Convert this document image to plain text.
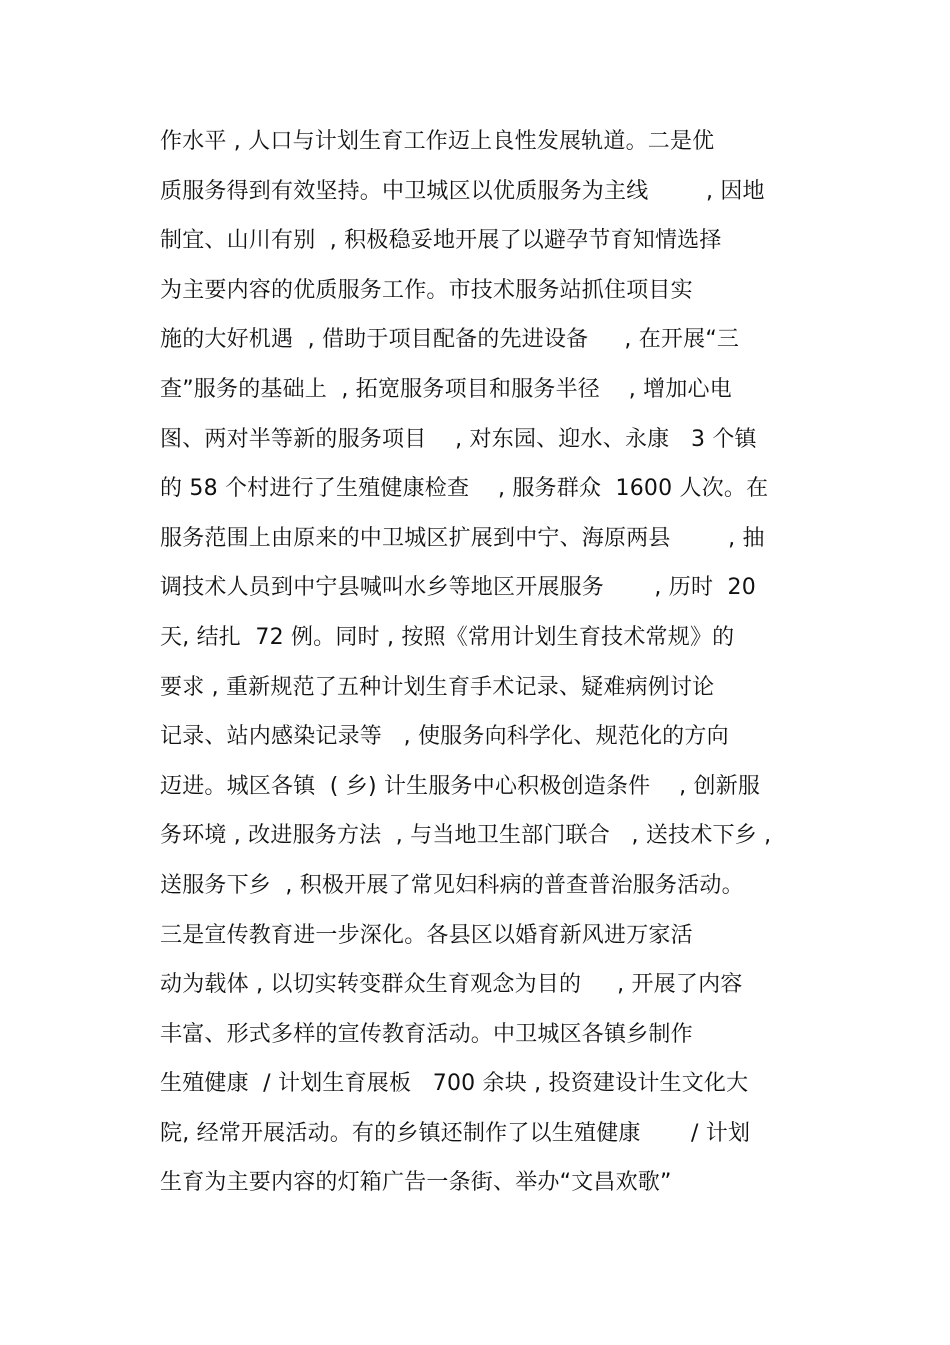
作水平 , 人口与计划生育工作迈上良性发展轨道。二是优
质服务得到有效坚持。中卫城区以优质服务为主线        , 因地
制宜、山川有别  , 积极稳妥地开展了以避孕节育知情选择
为主要内容的优质服务工作。市技术服务站抓住项目实
施的大好机遇  , 借助于项目配备的先进设备     , 在开展“三
查”服务的基础上  , 拓宽服务项目和服务半径    , 增加心电
图、两对半等新的服务项目    , 对东园、迎水、永康   3 个镇
的 58 个村进行了生殖健康检查    , 服务群众  1600 人次。在
服务范围上由原来的中卫城区扩展到中宁、海原两县        , 抽
调技术人员到中宁县喊叫水乡等地区开展服务       , 历时  20
天, 结扎  72 例。同时 , 按照《常用计划生育技术常规》的
要求 , 重新规范了五种计划生育手术记录、疑难病例讨论
记录、站内感染记录等   , 使服务向科学化、规范化的方向
迈进。城区各镇  ( 乡) 计生服务中心积极创造条件    , 创新服
务环境 , 改进服务方法  , 与当地卫生部门联合   , 送技术下乡 ,
送服务下乡  , 积极开展了常见妇科病的普查普治服务活动。
三是宣传教育进一步深化。各县区以婚育新风进万家活
动为载体 , 以切实转变群众生育观念为目的     , 开展了内容
丰富、形式多样的宣传教育活动。中卫城区各镇乡制作
生殖健康  / 计划生育展板   700 余块 , 投资建设计生文化大
院, 经常开展活动。有的乡镇还制作了以生殖健康       / 计划
生育为主要内容的灯箱广告一条街、举办“文昌欢歌”
